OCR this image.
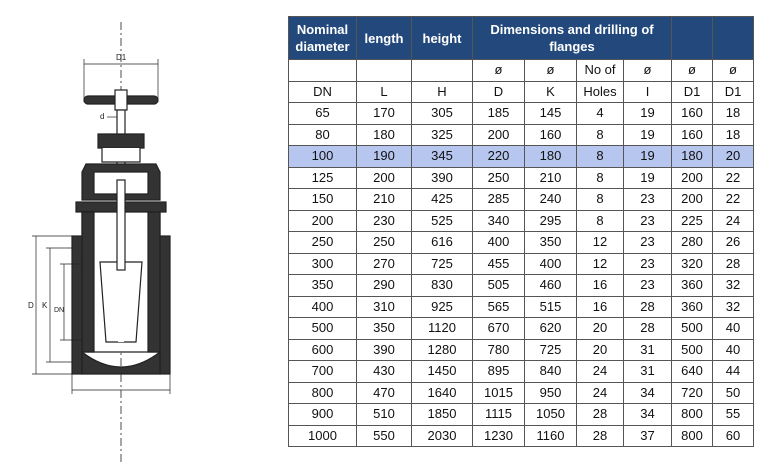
D1
d
D K
DN
Nominal diameter	length	height	Dimensions and drilling of flanges					
			ø	ø	No of	ø	ø	ø
DN	L	H	D	K	Holes	I	D1	D1
65	170	305	185	145	4	19	160	18
80	180	325	200	160	8	19	160	18
100	190	345	220	180	8	19	180	20
125	200	390	250	210	8	19	200	22
150	210	425	285	240	8	23	200	22
200	230	525	340	295	8	23	225	24
250	250	616	400	350	12	23	280	26
300	270	725	455	400	12	23	320	28
350	290	830	505	460	16	23	360	32
400	310	925	565	515	16	28	360	32
500	350	1120	670	620	20	28	500	40
600	390	1280	780	725	20	31	500	40
700	430	1450	895	840	24	31	640	44
800	470	1640	1015	950	24	34	720	50
900	510	1850	1115	1050	28	34	800	55
1000	550	2030	1230	1160	28	37	800	60
